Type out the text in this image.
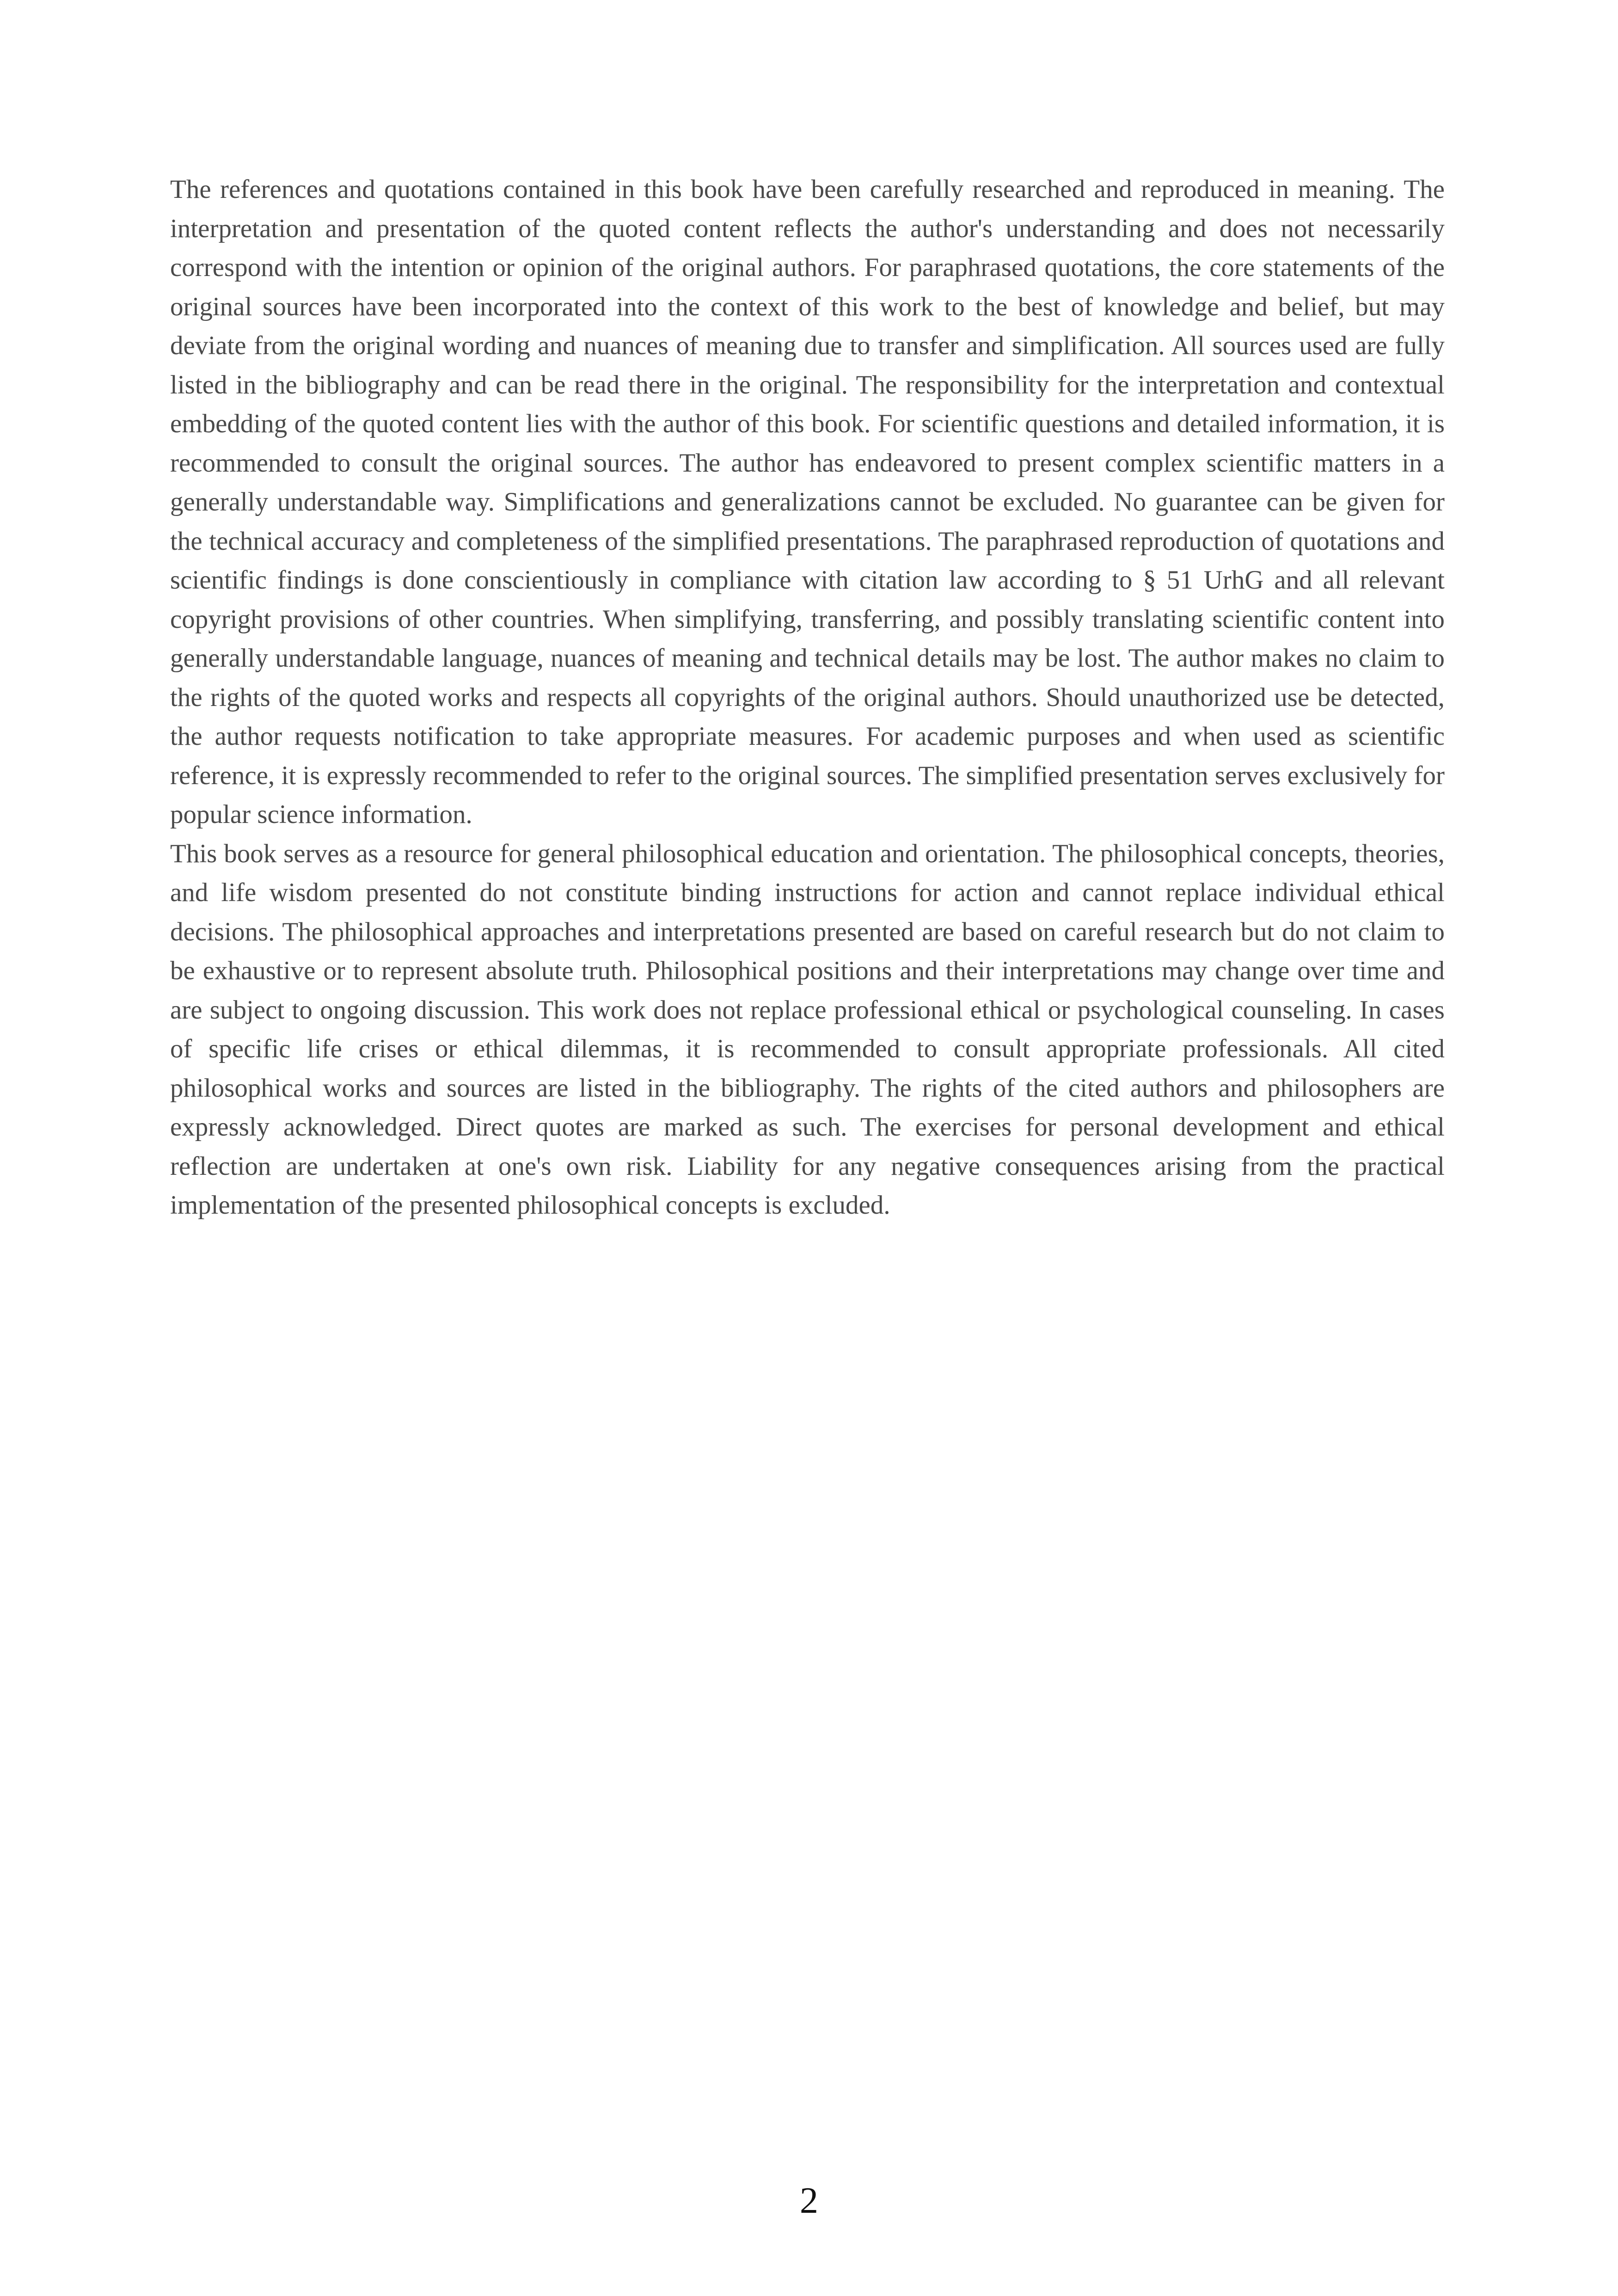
The references and quotations contained in this book have been carefully researched and reproduced in meaning. The interpretation and presentation of the quoted content reflects the author's understanding and does not necessarily correspond with the intention or opinion of the original authors. For paraphrased quotations, the core statements of the original sources have been incorporated into the context of this work to the best of knowledge and belief, but may deviate from the original wording and nuances of meaning due to transfer and simplification. All sources used are fully listed in the bibliography and can be read there in the original. The responsibility for the interpretation and contextual embedding of the quoted content lies with the author of this book. For scientific questions and detailed information, it is recommended to consult the original sources. The author has endeavored to present complex scientific matters in a generally understandable way. Simplifications and generalizations cannot be excluded. No guarantee can be given for the technical accuracy and completeness of the simplified presentations. The paraphrased reproduction of quotations and scientific findings is done conscientiously in compliance with citation law according to § 51 UrhG and all relevant copyright provisions of other countries. When simplifying, transferring, and possibly translating scientific content into generally understandable language, nuances of meaning and technical details may be lost. The author makes no claim to the rights of the quoted works and respects all copyrights of the original authors. Should unauthorized use be detected, the author requests notification to take appropriate measures. For academic purposes and when used as scientific reference, it is expressly recommended to refer to the original sources. The simplified presentation serves exclusively for popular science information.

This book serves as a resource for general philosophical education and orientation. The philosophical concepts, theories, and life wisdom presented do not constitute binding instructions for action and cannot replace individual ethical decisions. The philosophical approaches and interpretations presented are based on careful research but do not claim to be exhaustive or to represent absolute truth. Philosophical positions and their interpretations may change over time and are subject to ongoing discussion. This work does not replace professional ethical or psychological counseling. In cases of specific life crises or ethical dilemmas, it is recommended to consult appropriate professionals. All cited philosophical works and sources are listed in the bibliography. The rights of the cited authors and philosophers are expressly acknowledged. Direct quotes are marked as such. The exercises for personal development and ethical reflection are undertaken at one's own risk. Liability for any negative consequences arising from the practical implementation of the presented philosophical concepts is excluded.

2
